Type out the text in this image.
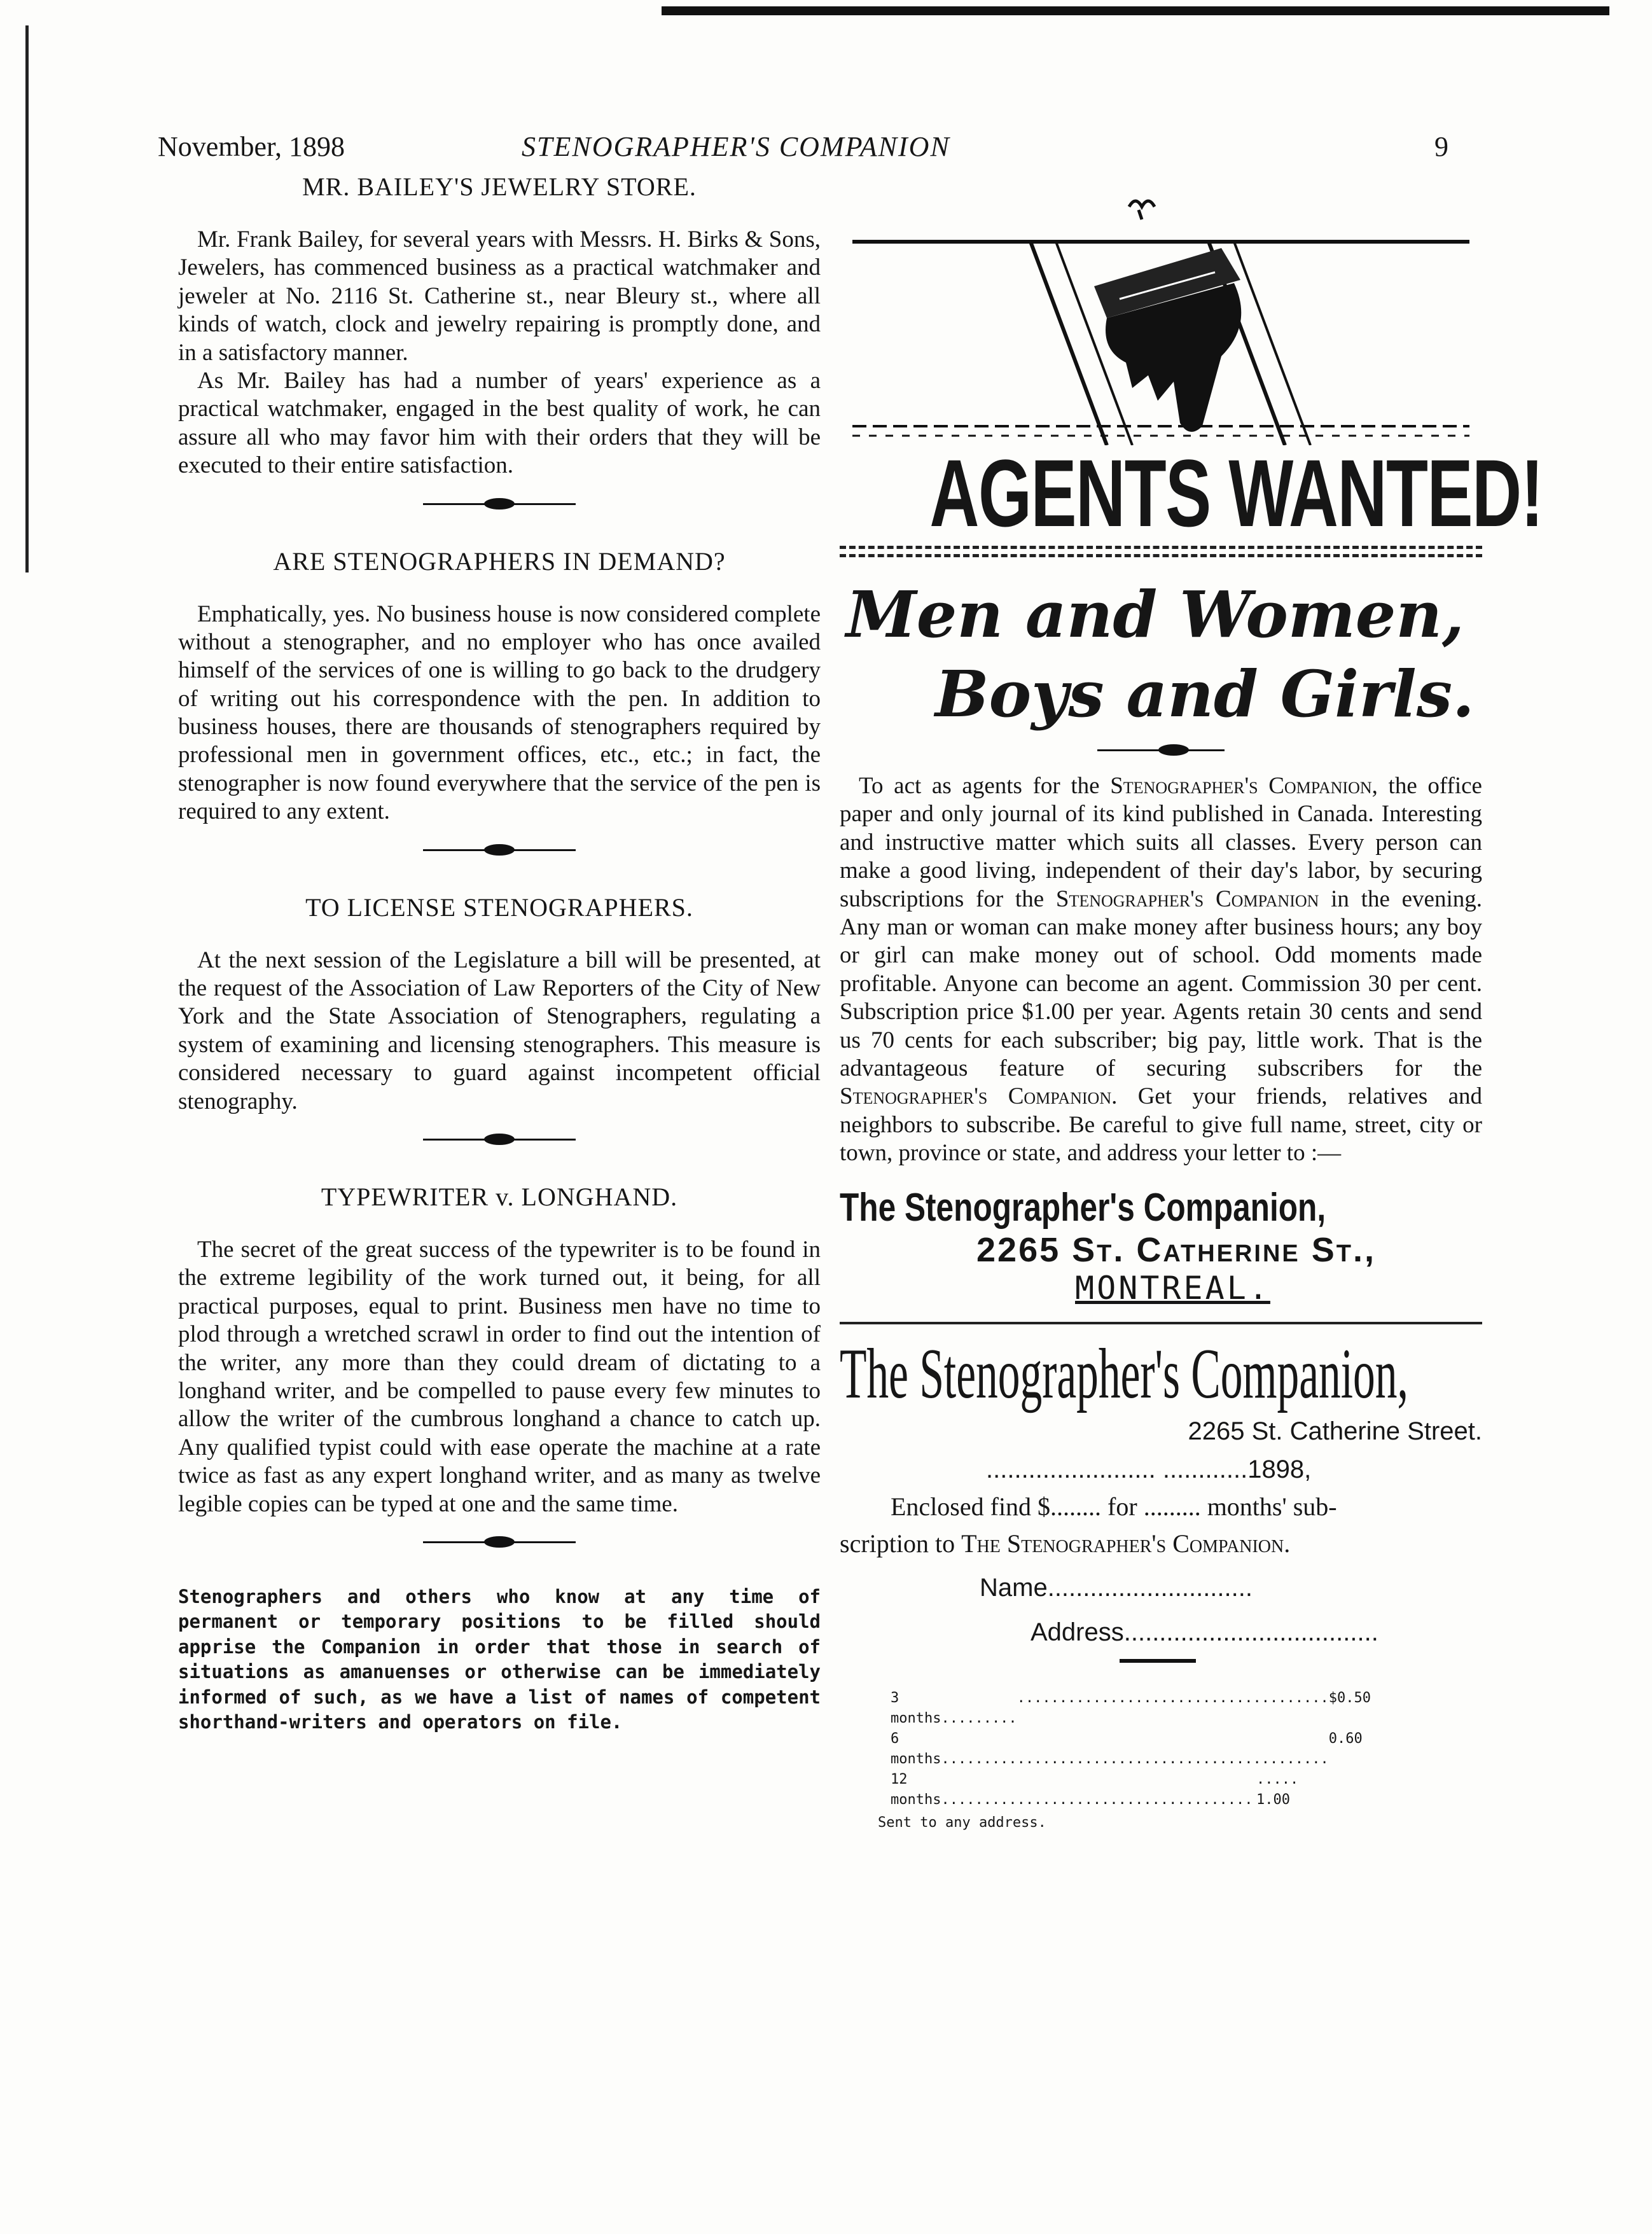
November, 1898	STENOGRAPHER'S COMPANION	9
MR. BAILEY'S JEWELRY STORE.

Mr. Frank Bailey, for several years with Messrs. H. Birks & Sons, Jewelers, has commenced business as a practical watchmaker and jeweler at No. 2116 St. Catherine st., near Bleury st., where all kinds of watch, clock and jewelry repairing is promptly done, and in a satisfactory manner.

As Mr. Bailey has had a number of years' experience as a practical watchmaker, engaged in the best quality of work, he can assure all who may favor him with their orders that they will be executed to their entire satisfaction.

ARE STENOGRAPHERS IN DEMAND?

Emphatically, yes. No business house is now considered complete without a stenographer, and no employer who has once availed himself of the services of one is willing to go back to the drudgery of writing out his correspondence with the pen. In addition to business houses, there are thousands of stenographers required by professional men in government offices, etc., etc.; in fact, the stenographer is now found everywhere that the service of the pen is required to any extent.

TO LICENSE STENOGRAPHERS.

At the next session of the Legislature a bill will be presented, at the request of the Association of Law Reporters of the City of New York and the State Association of Stenographers, regulating a system of examining and licensing stenographers. This measure is considered necessary to guard against incompetent official stenography.

TYPEWRITER v. LONGHAND.

The secret of the great success of the typewriter is to be found in the extreme legibility of the work turned out, it being, for all practical purposes, equal to print. Business men have no time to plod through a wretched scrawl in order to find out the intention of the writer, any more than they could dream of dictating to a longhand writer, and be compelled to pause every few minutes to allow the writer of the cumbrous longhand a chance to catch up. Any qualified typist could with ease operate the machine at a rate twice as fast as any expert longhand writer, and as many as twelve legible copies can be typed at one and the same time.

Stenographers and others who know at any time of permanent or temporary positions to be filled should apprise the Companion in order that those in search of situations as amanuenses or otherwise can be immediately informed of such, as we have a list of names of competent shorthand-writers and operators on file.
AGENTS WANTED!
Men and Women,
Boys and Girls.

To act as agents for the Stenographer's Companion, the office paper and only journal of its kind published in Canada. Interesting and instructive matter which suits all classes. Every person can make a good living, independent of their day's labor, by securing subscriptions for the Stenographer's Companion in the evening. Any man or woman can make money after business hours; any boy or girl can make money out of school. Odd moments made profitable. Anyone can become an agent. Commission 30 per cent. Subscription price $1.00 per year. Agents retain 30 cents and send us 70 cents for each subscriber; big pay, little work. That is the advantageous feature of securing subscribers for the Stenographer's Companion. Get your friends, relatives and neighbors to subscribe. Be careful to give full name, street, city or town, province or state, and address your letter to :—

The Stenographer's Companion,
2265 St. Catherine St.,
MONTREAL.
The Stenographer's Companion,
2265 St. Catherine Street.
........................ ............1898,
Enclosed find $........ for ......... months' sub-
scription to The Stenographer's Companion.
Name.............................
Address....................................
3 months.........
.....................................$0.50
6 months..............................................
0.60
12 months.....................................
..... 1.00
Sent to any address.
